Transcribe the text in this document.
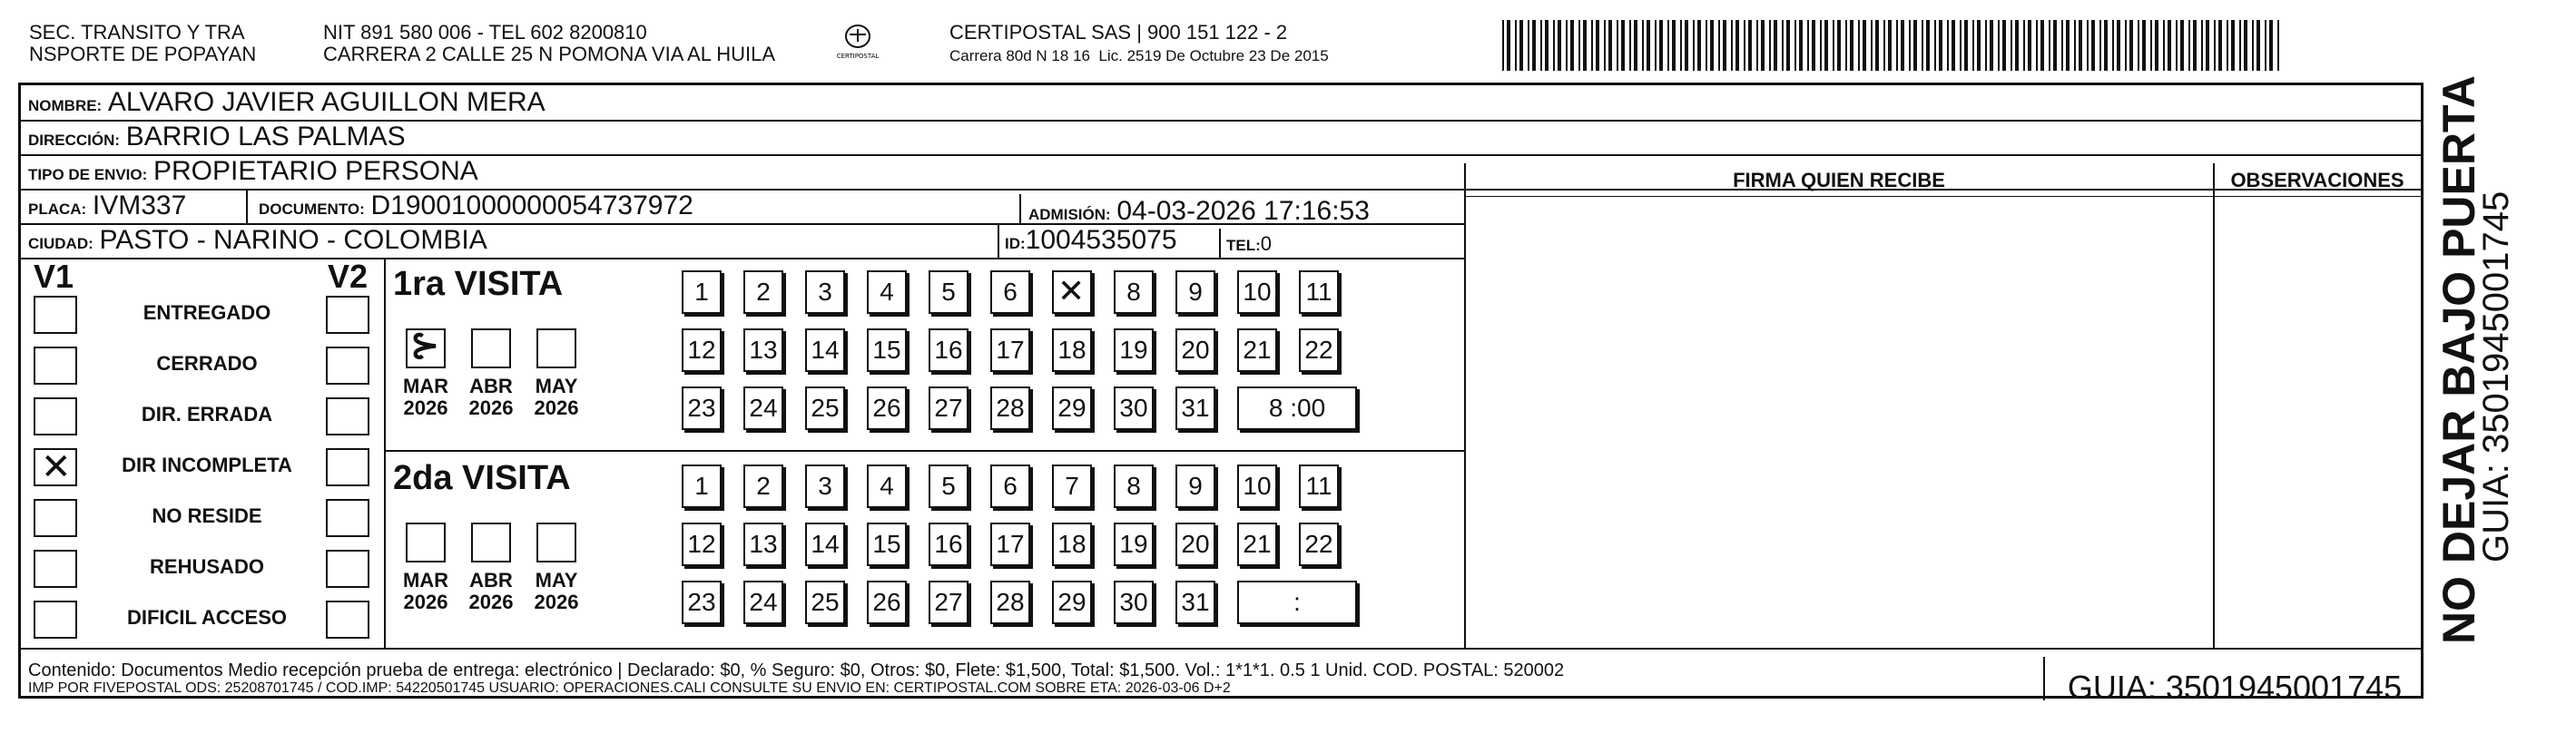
SEC. TRANSITO Y TRA
NSPORTE DE POPAYAN
NIT 891 580 006 - TEL 602 8200810
CARRERA 2 CALLE 25 N POMONA VIA AL HUILA	CERTIPOSTAL
CERTIPOSTAL SAS | 900 151 122 - 2
Carrera 80d N 18 16  Lic. 2519 De Octubre 23 De 2015
NOMBRE: ALVARO JAVIER AGUILLON MERA
DIRECCIÓN: BARRIO LAS PALMAS
TIPO DE ENVIO: PROPIETARIO PERSONA
PLACA: IVM337	DOCUMENTO: D19001000000054737972	ADMISIÓN: 04-03-2026 17:16:53
CIUDAD: PASTO - NARINO - COLOMBIA	ID:1004535075	TEL:0
FIRMA QUIEN RECIBE	OBSERVACIONES
V1	V2
ENTREGADO
CERRADO
DIR. ERRADA
✕	DIR INCOMPLETA
NO RESIDE
REHUSADO
DIFICIL ACCESO
1ra VISITA
⊱
MAR
2026
ABR
2026
MAY
2026
1	2	3	4	5	6	✕	8	9	10 11
12 13 14 15 16 17 18 19 20 21 22
23 24 25 26 27 28 29 30 31	8 :00
2da VISITA
MAR
2026
ABR
2026
MAY
2026
1	2	3	4	5	6	7	8	9	10 11
12 13 14 15 16 17 18 19 20 21 22
23 24 25 26 27 28 29 30 31	:
Contenido: Documentos Medio recepción prueba de entrega: electrónico | Declarado: $0, % Seguro: $0, Otros: $0, Flete: $1,500, Total: $1,500. Vol.: 1*1*1. 0.5 1 Unid. COD. POSTAL: 520002
IMP POR FIVEPOSTAL ODS: 25208701745 / COD.IMP: 54220501745 USUARIO: OPERACIONES.CALI CONSULTE SU ENVIO EN: CERTIPOSTAL.COM SOBRE ETA: 2026-03-06 D+2	GUIA: 3501945001745
NO DEJAR BAJO PUERTA
GUIA: 3501945001745
